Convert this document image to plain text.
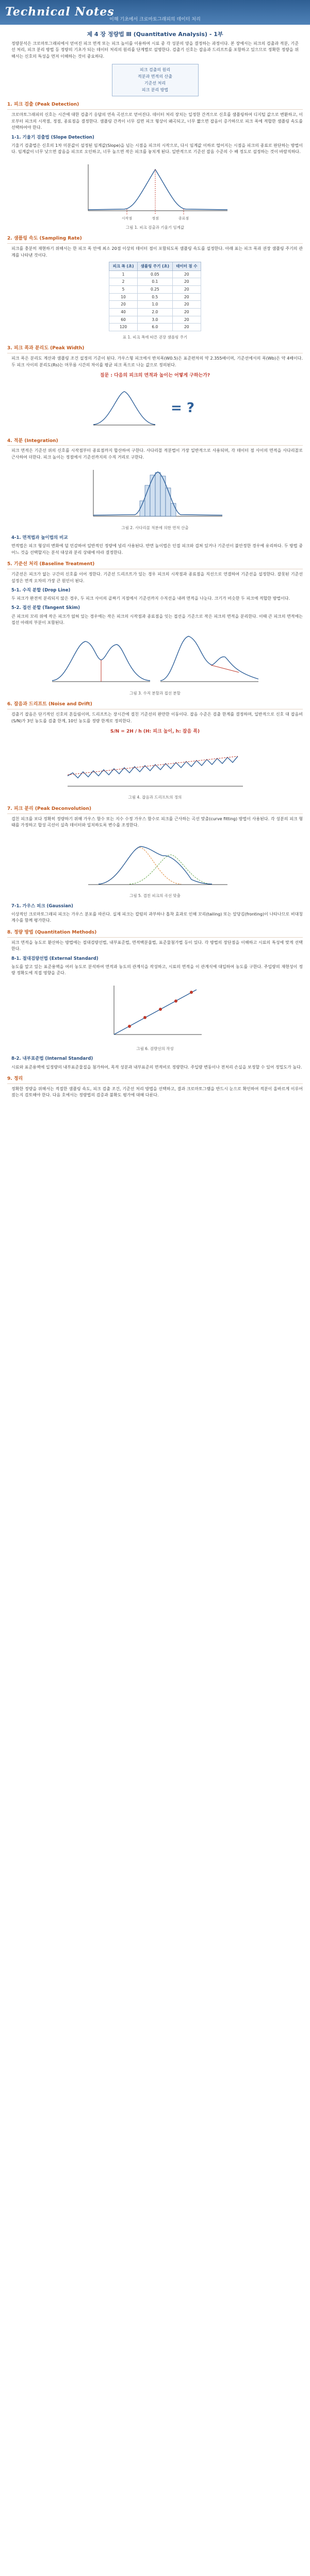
Technical Notes
이해 기초에서 크로마토그래피의 데이터 처리
제 4 장 정량법 Ⅲ (Quantitative Analysis) - 1부

정량분석은 크로마토그래피에서 얻어진 피크 면적 또는 피크 높이를 이용하여 시료 중 각 성분의 양을 결정하는 과정이다. 본 장에서는 피크의 검출과 적분, 기준선 처리, 피크 분리 방법 등 정량의 기초가 되는 데이터 처리의 원리를 단계별로 설명한다. 검출기 신호는 잡음과 드리프트를 포함하고 있으므로 정확한 정량을 위해서는 신호의 특성을 먼저 이해하는 것이 중요하다.

피크 검출의 원리
적분과 면적의 산출
기준선 처리
피크 분리 방법
1. 피크 검출 (Peak Detection)

크로마토그래피의 신호는 시간에 대한 검출기 응답의 연속 곡선으로 얻어진다. 데이터 처리 장치는 일정한 간격으로 신호를 샘플링하여 디지털 값으로 변환하고, 이로부터 피크의 시작점, 정점, 종료점을 결정한다. 샘플링 간격이 너무 길면 피크 형상이 왜곡되고, 너무 짧으면 잡음이 증가하므로 피크 폭에 적합한 샘플링 속도를 선택하여야 한다.

1-1. 기울기 검출법 (Slope Detection)

기울기 검출법은 신호의 1차 미분값이 설정된 임계값(Slope)을 넘는 시점을 피크의 시작으로, 다시 임계값 이하로 떨어지는 시점을 피크의 종료로 판단하는 방법이다. 임계값이 너무 낮으면 잡음을 피크로 오인하고, 너무 높으면 작은 피크를 놓치게 된다. 일반적으로 기준선 잡음 수준의 수 배 정도로 설정하는 것이 바람직하다.

시작점	정점	종료점
그림 1. 피크 검출과 기울기 임계값
2. 샘플링 속도 (Sampling Rate)

피크를 충분히 재현하기 위해서는 한 피크 폭 안에 최소 20점 이상의 데이터 점이 포함되도록 샘플링 속도를 설정한다. 아래 표는 피크 폭과 권장 샘플링 주기의 관계를 나타낸 것이다.

피크 폭 (초)	샘플링 주기 (초)	데이터 점 수
1	0.05	20
2	0.1	20
5	0.25	20
10	0.5	20
20	1.0	20
40	2.0	20
60	3.0	20
120	6.0	20
표 1. 피크 폭에 따른 권장 샘플링 주기
3. 피크 폭과 분리도 (Peak Width)

피크 폭은 분리도 계산과 샘플링 조건 설정의 기준이 된다. 가우스형 피크에서 반치폭(W0.5)은 표준편차의 약 2.355배이며, 기준선에서의 폭(Wb)은 약 4배이다. 두 피크 사이의 분리도(Rs)는 머무름 시간의 차이를 평균 피크 폭으로 나눈 값으로 정의된다.

질문 : 다음의 피크의 면적과 높이는 어떻게 구하는가?
= ?
4. 적분 (Integration)

피크 면적은 기준선 위의 신호를 시작점부터 종료점까지 합산하여 구한다. 사다리꼴 적분법이 가장 일반적으로 사용되며, 각 데이터 점 사이의 면적을 사다리꼴로 근사하여 더한다. 피크 높이는 정점에서 기준선까지의 수직 거리로 구한다.

그림 2. 사다리꼴 적분에 의한 면적 산출
4-1. 면적법과 높이법의 비교

면적법은 피크 형상의 변화에 덜 민감하여 일반적인 정량에 널리 사용된다. 반면 높이법은 인접 피크와 겹쳐 있거나 기준선이 불안정한 경우에 유리하다. 두 방법 중 어느 것을 선택할지는 분석 대상과 분리 상태에 따라 결정한다.

5. 기준선 처리 (Baseline Treatment)

기준선은 피크가 없는 구간의 신호를 이어 정한다. 기준선 드리프트가 있는 경우 피크의 시작점과 종료점을 직선으로 연결하여 기준선을 설정한다. 잘못된 기준선 설정은 면적 오차의 가장 큰 원인이 된다.

5-1. 수직 분할 (Drop Line)

두 피크가 완전히 분리되지 않은 경우, 두 피크 사이의 골짜기 지점에서 기준선까지 수직선을 내려 면적을 나눈다. 크기가 비슷한 두 피크에 적합한 방법이다.

5-2. 접선 분할 (Tangent Skim)

큰 피크의 꼬리 위에 작은 피크가 얹혀 있는 경우에는 작은 피크의 시작점과 종료점을 잇는 접선을 기준으로 작은 피크의 면적을 분리한다. 이때 큰 피크의 면적에는 접선 아래의 부분이 포함된다.

그림 3. 수직 분할과 접선 분할
6. 잡음과 드리프트 (Noise and Drift)

검출기 잡음은 단기적인 신호의 흔들림이며, 드리프트는 장시간에 걸친 기준선의 완만한 이동이다. 잡음 수준은 검출 한계를 결정하며, 일반적으로 신호 대 잡음비(S/N)가 3인 농도를 검출 한계, 10인 농도를 정량 한계로 정의한다.

S/N = 2H / h (H: 피크 높이, h: 잡음 폭)
그림 4. 잡음과 드리프트의 정의
7. 피크 분리 (Peak Deconvolution)

겹친 피크를 보다 정확히 정량하기 위해 가우스 함수 또는 지수 수정 가우스 함수로 피크를 근사하는 곡선 맞춤(curve fitting) 방법이 사용된다. 각 성분의 피크 형태를 가정하고 합성 곡선이 실측 데이터와 일치하도록 변수를 조정한다.

그림 5. 겹친 피크의 곡선 맞춤
7-1. 가우스 피크 (Gaussian)

이상적인 크로마토그래피 피크는 가우스 분포를 따른다. 실제 피크는 칼럼의 과부하나 흡착 효과로 인해 꼬리(tailing) 또는 앞당김(fronting)이 나타나므로 비대칭 계수를 함께 평가한다.

8. 정량 방법 (Quantitation Methods)

피크 면적을 농도로 환산하는 방법에는 절대검량선법, 내부표준법, 면적백분율법, 표준물첨가법 등이 있다. 각 방법의 장단점을 이해하고 시료의 특성에 맞게 선택한다.

8-1. 절대검량선법 (External Standard)

농도를 알고 있는 표준용액을 여러 농도로 분석하여 면적과 농도의 관계식을 작성하고, 시료의 면적을 이 관계식에 대입하여 농도를 구한다. 주입량의 재현성이 정량 정확도에 직접 영향을 준다.

그림 6. 검량선의 작성
8-2. 내부표준법 (Internal Standard)

시료와 표준용액에 일정량의 내부표준물질을 첨가하여, 목적 성분과 내부표준의 면적비로 정량한다. 주입량 변동이나 전처리 손실을 보정할 수 있어 정밀도가 높다.

9. 정리

정확한 정량을 위해서는 적절한 샘플링 속도, 피크 검출 조건, 기준선 처리 방법을 선택하고, 결과 크로마토그램을 반드시 눈으로 확인하여 적분이 올바르게 이루어졌는지 검토해야 한다. 다음 호에서는 정량법의 검증과 불확도 평가에 대해 다룬다.
